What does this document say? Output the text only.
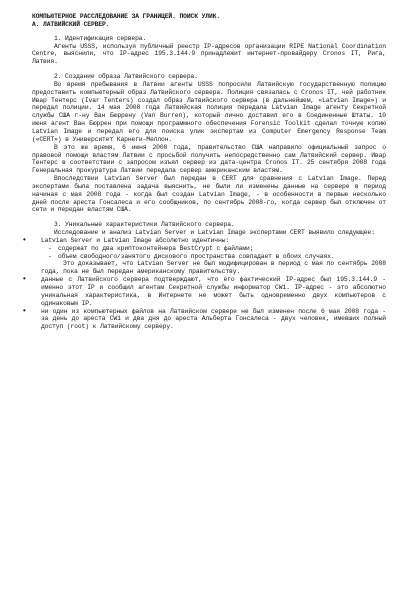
КОМПЬЮТЕРНОЕ РАССЛЕДОВАНИЕ ЗА ГРАНИЦЕЙ. ПОИСК УЛИК.
А. ЛАТВИЙСКИЙ СЕРВЕР.
1. Идентификация сервера.

Агенты USSS, используя публичный реестр IP-адресов организации RIPE National Coordination Centre, выяснили, что IP-адрес 195.3.144.9 принадлежит интернет-провайдеру Cronos IT, Рига, Латвия.

2. Создание образа Латвийского сервера.

Во время пребывания в Латвии агенты USSS попросили Латвийскую государственную полицию предоставить компьютерный образ Латвийского сервера. Полиция связалась с Cronos IT, чей работник Ивар Тентерс (Ivar Tenters) создал образ Латвийского сервера (в дальнейшем, «Latvian Image») и передал полиции. 14 мая 2008 года Латвийская полиция передала Latvian Image агенту Секретной службы США г-ну Ван Бюррену (Van Burren), который лично доставил его в Соединенные Штаты. 10 июня агент Ван Бюррен при помощи программного обеспечения Forensic Toolkit сделал точную копию Latvian Image и передал его для поиска улик экспертам из Computer Emergency Response Team («CERT») в Университет Карнеги-Меллон.

В это же время, 6 июня 2008 года, правительство США направило официальный запрос о правовой помощи властям Латвии с просьбой получить непосредственно сам Латвийский сервер. Ивар Тентерс в соответствии с запросом изъял сервер из дата-центра Cronos IT. 25 сентября 2008 года Генеральная прокуратура Латвии передала сервер американским властям.

Впоследствии Latvian Server был передан в CERT для сравнения с Latvian Image. Перед экспертами была поставлена задача выяснить, не были ли изменены данные на сервере в период начиная с мая 2008 года - когда был создан Latvian Image, - в особенности в первые несколько дней после ареста Гонсалеса и его сообщников, по сентябрь 2008-го, когда сервер был отключен от сети и передан властям США.

3. Уникальные характеристики Латвийского сервера.

Исследование и анализ Latvian Server и Latvian Image экспертами CERT выявило следующее:

• Latvian Server и Latvian Image абсолютно идентичны:
- содержат по два криптоконтейнера BestCrypt с файлами;
- объем свободного/занятого дискового пространства совпадает в обоих случаях.

Это доказывает, что Latvian Server не был модифицирован в период с мая по сентябрь 2008 года, пока не был передан американскому правительству.

• данные с Латвийского сервера подтверждают, что его фактический IP-адрес был 195.3.144.9 - именно этот IP и сообщил агентам Секретной службы информатор CW1. IP-адрес - это абсолютно уникальная характеристика, в Интернете не может быть одновременно двух компьютеров с одинаковым IP.
• ни один из компьютерных файлов на Латвийском сервере не был изменен после 6 мая 2008 года - за день до ареста CW1 и два дня до ареста Альберта Гонсалеса - двух человек, имевших полный доступ (root) к Латвийскому серверу.
